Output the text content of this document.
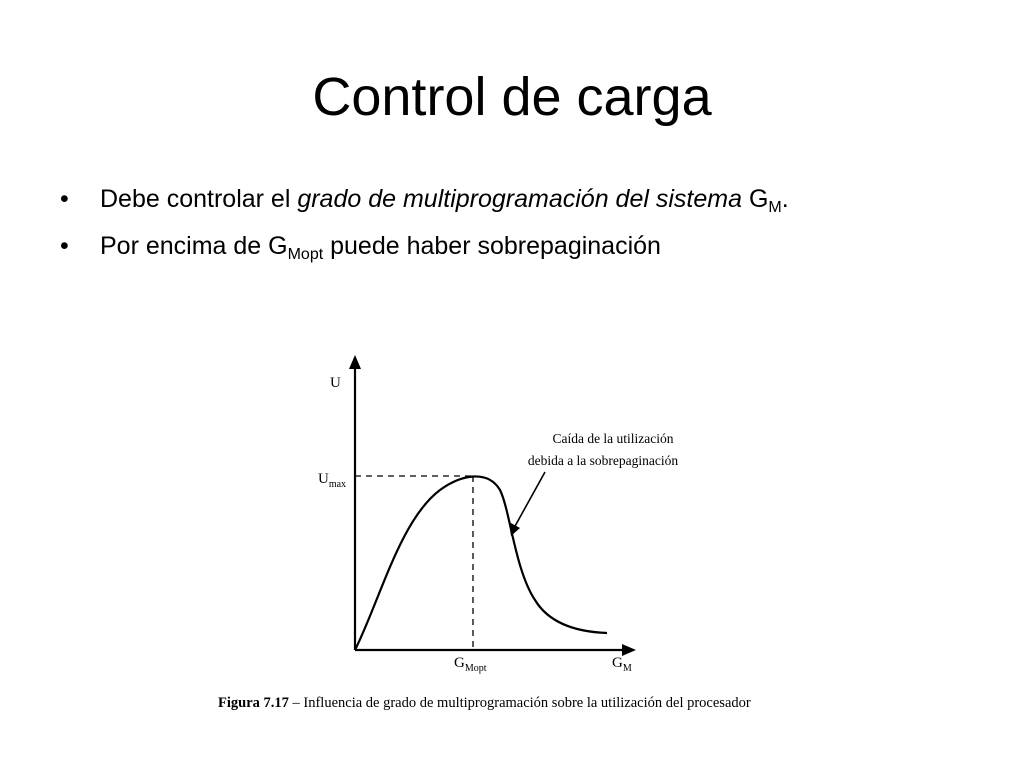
Control de carga
• Debe controlar el grado de multiprogramación del sistema $G_M$.
• Por encima de $G_{Mopt}$ puede haber sobrepaginación
U
$U_{max}$
$G_{Mopt}$	$G_M$
Caída de la utilización
debida a la sobrepaginación
Figura 7.17 – Influencia de grado de multiprogramación sobre la utilización del procesador
